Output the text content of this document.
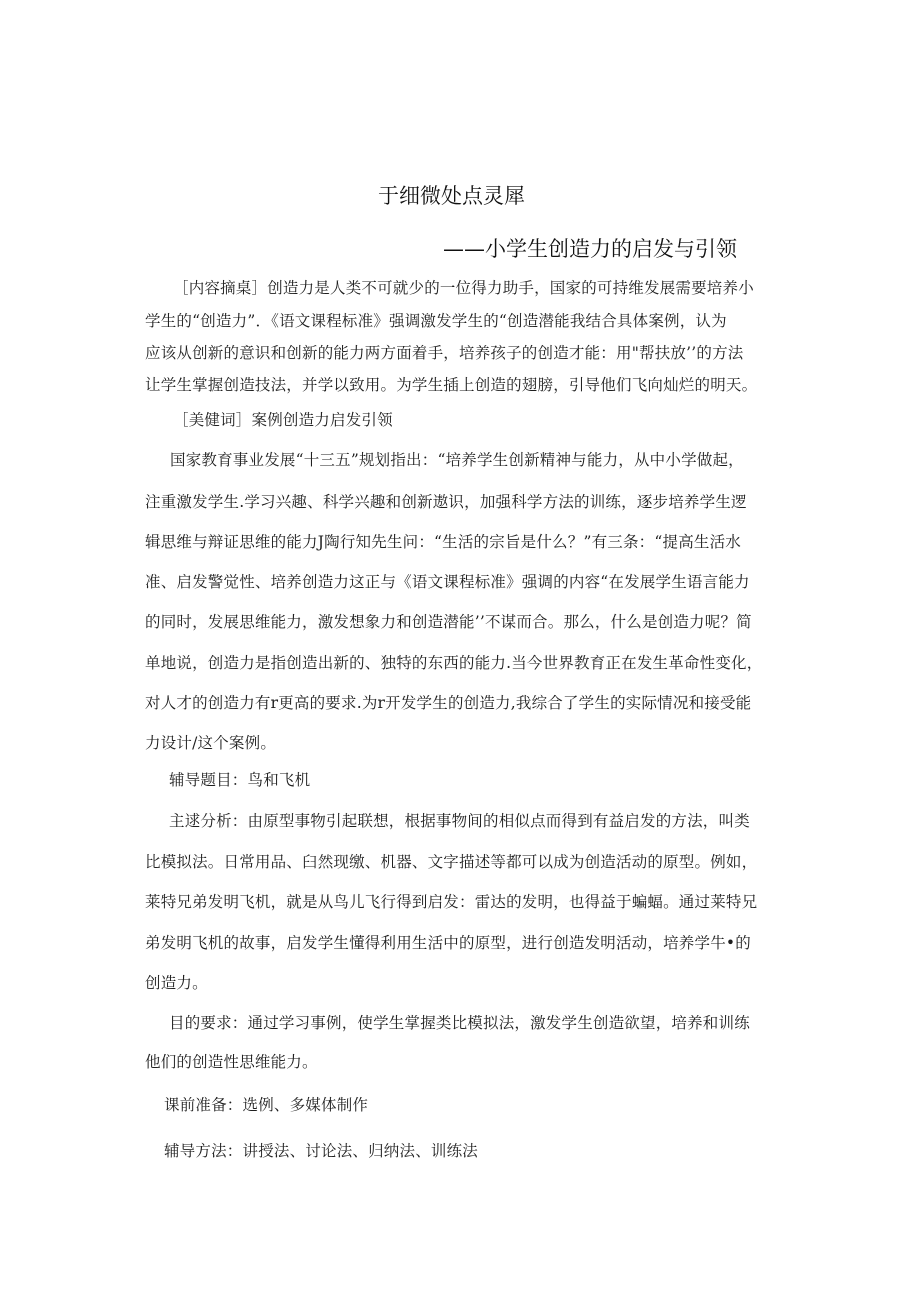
于细微处点灵犀
——小学生创造力的启发与引领
［内容摘桌］创造力是人类不可就少的一位得力助手，国家的可持维发展需要培养小
学生的“创造力”．《语文课程标准》强调激发学生的“创造潜能我结合具体案例，认为
应该从创新的意识和创新的能力两方面着手，培养孩子的创造才能：用"帮扶放’’的方法
让学生掌握创造技法，并学以致用。为学生插上创造的翅膀，引导他们飞向灿烂的明天。
［美健词］案例创造力启发引领
国家教育事业发展“十三五”规划指出：“培养学生创新精神与能力，从中小学做起，
注重激发学生.学习兴趣、科学兴趣和创新遨识，加强科学方法的训练，逐步培养学生逻
辑思维与辩证思维的能力J陶行知先生问：“生活的宗旨是什么？”有三条：“提高生活水
准、启发警觉性、培养创造力这正与《语文课程标准》强调的内容“在发展学生语言能力
的同时，发展思维能力，激发想象力和创造潜能’’不谋而合。那么，什么是创造力呢？简
单地说，创造力是指创造出新的、独特的东西的能力.当今世界教育正在发生革命性变化，
对人才的创造力有r更高的要求.为r开发学生的创造力,我综合了学生的实际情况和接受能
力设计/这个案例。
辅导题目：鸟和飞机
主逑分析：由原型事物引起联想，根据事物间的相似点而得到有益启发的方法，叫类
比模拟法。日常用品、臼然现缴、机器、文字描述等都可以成为创造活动的原型。例如，
莱特兄弟发明飞机，就是从鸟儿飞行得到启发：雷达的发明，也得益于蝙蝠。通过莱特兄
弟发明飞机的故事，启发学生懂得利用生活中的原型，进行创造发明活动，培养学牛•的
创造力。
目的要求：通过学习事例，使学生掌握类比模拟法，激发学生创造欲望，培养和训练
他们的创造性思维能力。
课前准备：选例、多媒体制作
辅导方法：讲授法、讨论法、归纳法、训练法
